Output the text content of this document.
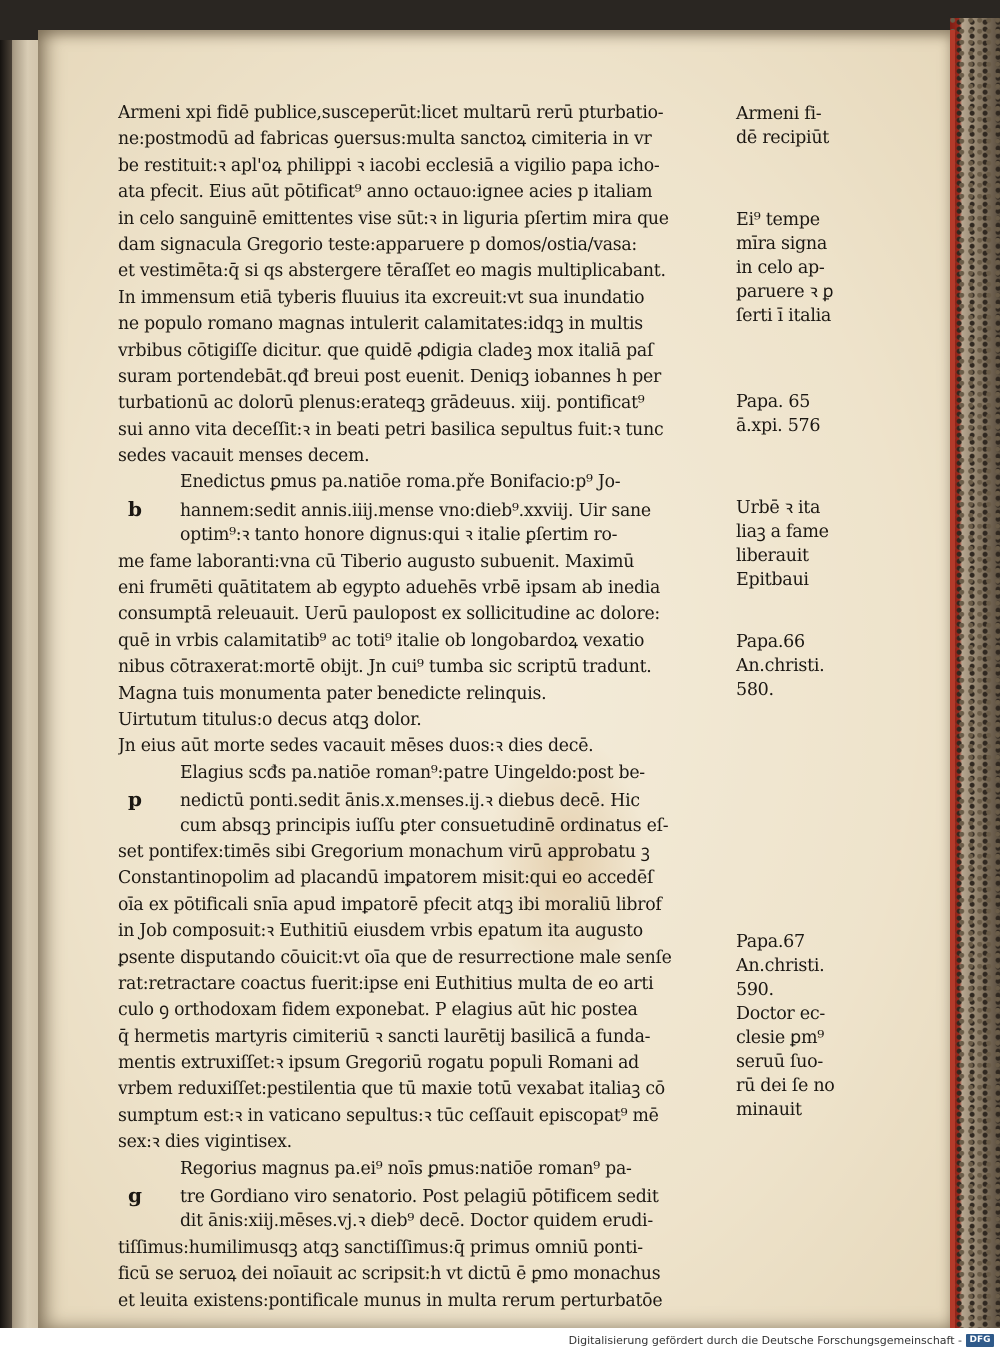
Armeni xpi fidē publice,susceperūt:licet multarū rerū pturbatio-
ne:postmodū ad fabricas ꝯuersus:multa sanctoꝝ cimiteria in vr
be restituit:ꝛ apl'oꝝ philippi ꝛ iacobi ecclesiā a vigilio papa icho-
ata pfecit. Eius aūt pōtificat⁹ anno octauo:ignee acies p italiam
in celo sanguinē emittentes vise sūt:ꝛ in liguria pſertim mira que
dam signacula Gregorio teste:apparuere p domos/ostia/vasa:
et vestimēta:q̄ si qs abstergere tēraſſet eo magis multiplicabant.
In immensum etiā tyberis fluuius ita excreuit:vt sua inundatio
ne populo romano magnas intulerit calamitates:idqꝫ in multis
vrbibus cōtigiſſe dicitur. que quidē ꝓdigia cladeꝫ mox italiā paſ
suram portendebāt.qđ breui post euenit. Deniqꝫ iobannes h per
turbationū ac dolorū plenus:erateqꝫ grādeuus. xiij. pontificat⁹
sui anno vita deceſſit:ꝛ in beati petri basilica sepultus fuit:ꝛ tunc
sedes vacauit menses decem.
Enedictus ꝑmus pa.natiōe roma.pře Bonifacio:p⁹ Jo-
b hannem:sedit annis.iiij.mense vno:dieb⁹.xxviij. Uir sane
optim⁹:ꝛ tanto honore dignus:qui ꝛ italie ꝑſertim ro-
me fame laboranti:vna cū Tiberio augusto subuenit. Maximū
eni frumēti quātitatem ab egypto aduehēs vrbē ipsam ab inedia
consumptā releuauit. Uerū paulopost ex sollicitudine ac dolore:
quē in vrbis calamitatib⁹ ac toti⁹ italie ob longobardoꝝ vexatio
nibus cōtraxerat:mortē obijt. Jn cui⁹ tumba sic scriptū tradunt.
Magna tuis monumenta pater benedicte relinquis.
Uirtutum titulus:o decus atqꝫ dolor.
Jn eius aūt morte sedes vacauit mēses duos:ꝛ dies decē.
Elagius scđs pa.natiōe roman⁹:patre Uingeldo:post be-
p nedictū ponti.sedit ānis.x.menses.ij.ꝛ diebus decē. Hic
cum absqꝫ principis iuſſu ꝑter consuetudinē ordinatus eſ-
set pontifex:timēs sibi Gregorium monachum virū approbatu ꝫ
Constantinopolim ad placandū imꝑatorem misit:qui eo accedēſ
oīa ex pōtificali snīa apud imꝑatorē pfecit atqꝫ ibi moraliū librof
in Job composuit:ꝛ Euthitiū eiusdem vrbis epatum ita augusto
ꝑsente disputando cōuicit:vt oīa que de resurrectione male senſe
rat:retractare coactus fuerit:ipse eni Euthitius multa de eo arti
culo ꝯ orthodoxam fidem exponebat. P elagius aūt hic postea
q̄ hermetis martyris cimiteriū ꝛ sancti laurētij basilicā a funda-
mentis extruxiſſet:ꝛ ipsum Gregoriū rogatu populi Romani ad
vrbem reduxiſſet:pestilentia que tū maxie totū vexabat italiaꝫ cō
sumptum est:ꝛ in vaticano sepultus:ꝛ tūc ceſſauit episcopat⁹ mē
sex:ꝛ dies vigintisex.
Regorius magnus pa.ei⁹ noīs ꝑmus:natiōe roman⁹ pa-
g tre Gordiano viro senatorio. Post pelagiū pōtificem sedit
dit ānis:xiij.mēses.vj.ꝛ dieb⁹ decē. Doctor quidem erudi-
tiſſimus:humilimusqꝫ atqꝫ sanctiſſimus:q̄ primus omniū ponti-
ficū se seruoꝝ dei noīauit ac scripsit:h vt dictū ē ꝑmo monachus
et leuita existens:pontificale munus in multa rerum perturbatōe
Armeni fi-
dē recipiūt
Ei⁹ tempe
mīra signa
in celo ap-
paruere ꝛ ꝑ
ſerti ī italia
Papa. 65
ā.xpi. 576
Urbē ꝛ ita
liaꝫ a fame
liberauit
Epitbaui
Papa.66
An.christi.
580.
Papa.67
An.christi.
590.
Doctor ec-
clesie ꝑm⁹
seruū ſuo-
rū dei ſe no
minauit
Digitalisierung gefördert durch die Deutsche Forschungsgemeinschaft - DFG
